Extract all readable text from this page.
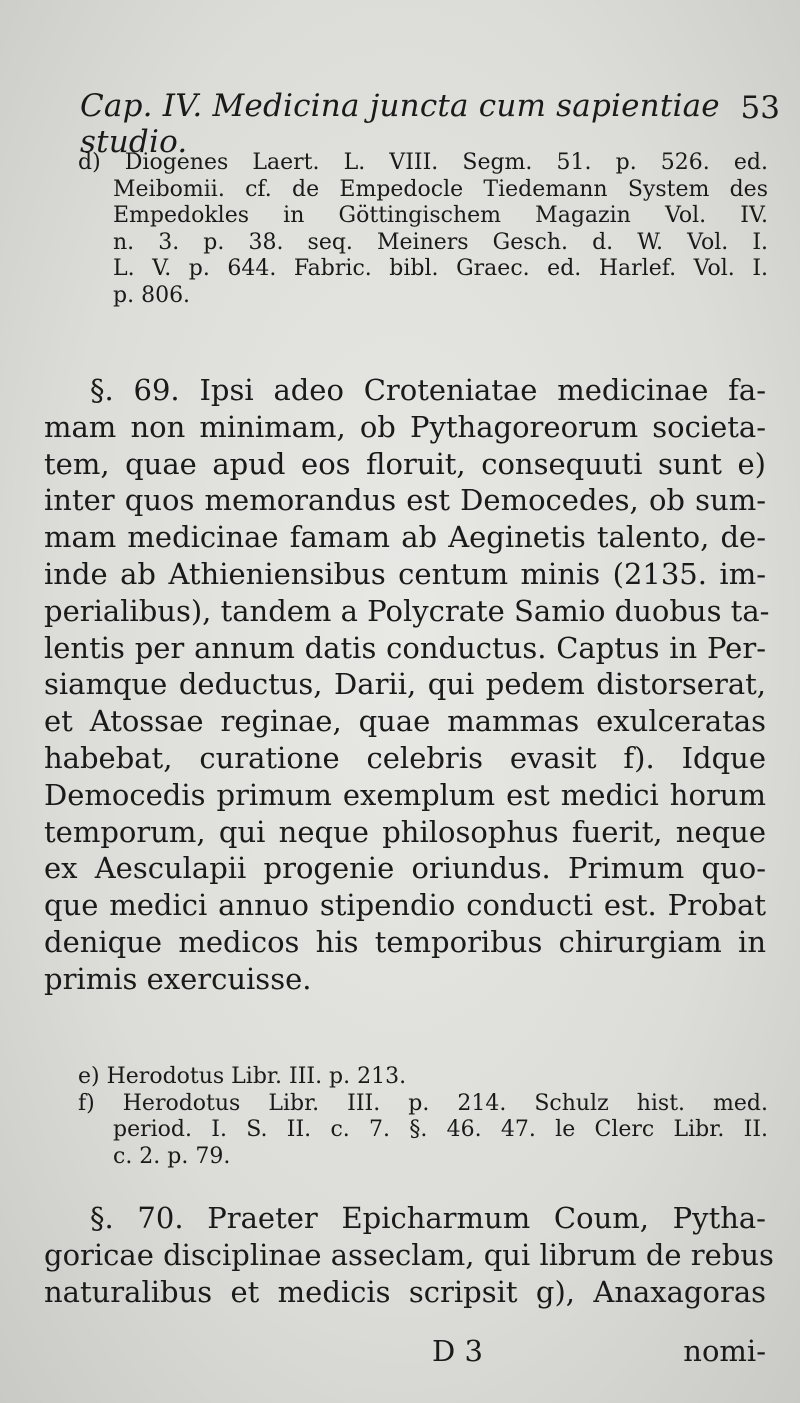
Cap. IV. Medicina juncta cum sapientiae studio.
53
d) Diogenes Laert. L. VIII. Segm. 51. p. 526. ed.
Meibomii. cf. de Empedocle Tiedemann System des
Empedokles in Göttingischem Magazin Vol. IV.
n. 3. p. 38. seq. Meiners Gesch. d. W. Vol. I.
L. V. p. 644. Fabric. bibl. Graec. ed. Harlef. Vol. I.
p. 806.
§. 69. Ipsi adeo Croteniatae medicinae fa-
mam non minimam, ob Pythagoreorum societa-
tem, quae apud eos floruit, consequuti sunt e)
inter quos memorandus est Democedes, ob sum-
mam medicinae famam ab Aeginetis talento, de-
inde ab Athieniensibus centum minis (2135. im-
perialibus), tandem a Polycrate Samio duobus ta-
lentis per annum datis conductus. Captus in Per-
siamque deductus, Darii, qui pedem distorserat,
et Atossae reginae, quae mammas exulceratas
habebat, curatione celebris evasit f). Idque
Democedis primum exemplum est medici horum
temporum, qui neque philosophus fuerit, neque
ex Aesculapii progenie oriundus. Primum quo-
que medici annuo stipendio conducti est. Probat
denique medicos his temporibus chirurgiam in
primis exercuisse.
e) Herodotus Libr. III. p. 213.
f) Herodotus Libr. III. p. 214. Schulz hist. med.
period. I. S. II. c. 7. §. 46. 47. le Clerc Libr. II.
c. 2. p. 79.
§. 70. Praeter Epicharmum Coum, Pytha-
goricae disciplinae asseclam, qui librum de rebus
naturalibus et medicis scripsit g), Anaxagoras
D 3	nomi-
